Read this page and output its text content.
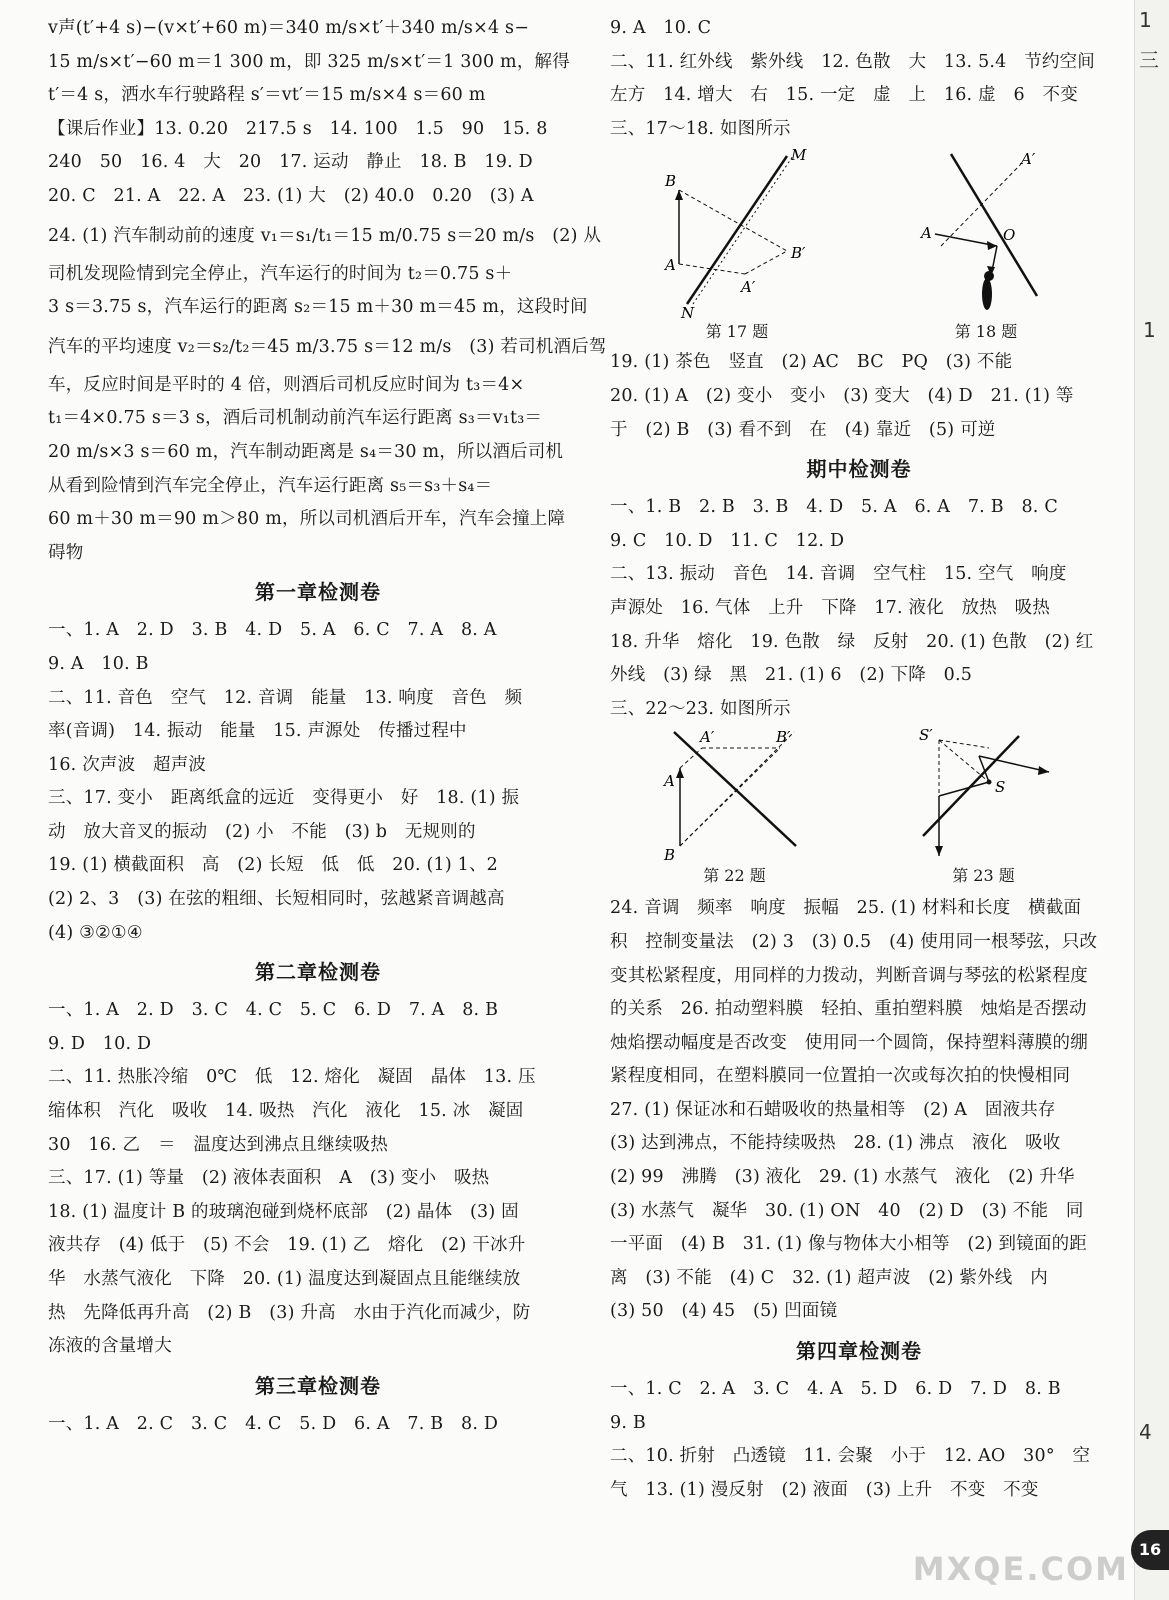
v声(t′+4 s)−(v×t′+60 m)＝340 m/s×t′＋340 m/s×4 s−
15 m/s×t′−60 m＝1 300 m，即 325 m/s×t′＝1 300 m，解得
t′＝4 s，洒水车行驶路程 s′＝vt′＝15 m/s×4 s＝60 m
【课后作业】13. 0.20　217.5 s　14. 100　1.5　90　15. 8
240　50　16. 4　大　20　17. 运动　静止　18. B　19. D
20. C　21. A　22. A　23. (1) 大　(2) 40.0　0.20　(3) A
24. (1) 汽车制动前的速度 v₁＝s₁/t₁＝15 m/0.75 s＝20 m/s　(2) 从
司机发现险情到完全停止，汽车运行的时间为 t₂＝0.75 s＋
3 s＝3.75 s，汽车运行的距离 s₂＝15 m＋30 m＝45 m，这段时间
汽车的平均速度 v₂＝s₂/t₂＝45 m/3.75 s＝12 m/s　(3) 若司机酒后驾
车，反应时间是平时的 4 倍，则酒后司机反应时间为 t₃＝4×
t₁＝4×0.75 s＝3 s，酒后司机制动前汽车运行距离 s₃＝v₁t₃＝
20 m/s×3 s＝60 m，汽车制动距离是 s₄＝30 m，所以酒后司机
从看到险情到汽车完全停止，汽车运行距离 s₅＝s₃＋s₄＝
60 m＋30 m＝90 m＞80 m，所以司机酒后开车，汽车会撞上障
碍物
第一章检测卷
一、1. A　2. D　3. B　4. D　5. A　6. C　7. A　8. A
9. A　10. B
二、11. 音色　空气　12. 音调　能量　13. 响度　音色　频
率(音调)　14. 振动　能量　15. 声源处　传播过程中
16. 次声波　超声波
三、17. 变小　距离纸盒的远近　变得更小　好　18. (1) 振
动　放大音叉的振动　(2) 小　不能　(3) b　无规则的
19. (1) 横截面积　高　(2) 长短　低　低　20. (1) 1、2
(2) 2、3　(3) 在弦的粗细、长短相同时，弦越紧音调越高
(4) ③②①④
第二章检测卷
一、1. A　2. D　3. C　4. C　5. C　6. D　7. A　8. B
9. D　10. D
二、11. 热胀冷缩　0℃　低　12. 熔化　凝固　晶体　13. 压
缩体积　汽化　吸收　14. 吸热　汽化　液化　15. 冰　凝固
30　16. 乙　＝　温度达到沸点且继续吸热
三、17. (1) 等量　(2) 液体表面积　A　(3) 变小　吸热
18. (1) 温度计 B 的玻璃泡碰到烧杯底部　(2) 晶体　(3) 固
液共存　(4) 低于　(5) 不会　19. (1) 乙　熔化　(2) 干冰升
华　水蒸气液化　下降　20. (1) 温度达到凝固点且能继续放
热　先降低再升高　(2) B　(3) 升高　水由于汽化而减少，防
冻液的含量增大
第三章检测卷
一、1. A　2. C　3. C　4. C　5. D　6. A　7. B　8. D
9. A　10. C
二、11. 红外线　紫外线　12. 色散　大　13. 5.4　节约空间
左方　14. 增大　右　15. 一定　虚　上　16. 虚　6　不变
三、17～18. 如图所示
B
M
A
B′
A′
N
第 17 题
A′
A	O
第 18 题
19. (1) 茶色　竖直　(2) AC　BC　PQ　(3) 不能
20. (1) A　(2) 变小　变小　(3) 变大　(4) D　21. (1) 等
于　(2) B　(3) 看不到　在　(4) 靠近　(5) 可逆
期中检测卷
一、1. B　2. B　3. B　4. D　5. A　6. A　7. B　8. C
9. C　10. D　11. C　12. D
二、13. 振动　音色　14. 音调　空气柱　15. 空气　响度
声源处　16. 气体　上升　下降　17. 液化　放热　吸热
18. 升华　熔化　19. 色散　绿　反射　20. (1) 色散　(2) 红
外线　(3) 绿　黑　21. (1) 6　(2) 下降　0.5
三、22～23. 如图所示
A′	B′
A
B
第 22 题
S′
S
第 23 题
24. 音调　频率　响度　振幅　25. (1) 材料和长度　横截面
积　控制变量法　(2) 3　(3) 0.5　(4) 使用同一根琴弦，只改
变其松紧程度，用同样的力拨动，判断音调与琴弦的松紧程度
的关系　26. 拍动塑料膜　轻拍、重拍塑料膜　烛焰是否摆动
烛焰摆动幅度是否改变　使用同一个圆筒，保持塑料薄膜的绷
紧程度相同，在塑料膜同一位置拍一次或每次拍的快慢相同
27. (1) 保证冰和石蜡吸收的热量相等　(2) A　固液共存
(3) 达到沸点，不能持续吸热　28. (1) 沸点　液化　吸收
(2) 99　沸腾　(3) 液化　29. (1) 水蒸气　液化　(2) 升华
(3) 水蒸气　凝华　30. (1) ON　40　(2) D　(3) 不能　同
一平面　(4) B　31. (1) 像与物体大小相等　(2) 到镜面的距
离　(3) 不能　(4) C　32. (1) 超声波　(2) 紫外线　内
(3) 50　(4) 45　(5) 凹面镜
第四章检测卷
一、1. C　2. A　3. C　4. A　5. D　6. D　7. D　8. B
9. B
二、10. 折射　凸透镜　11. 会聚　小于　12. AO　30°　空
气　13. (1) 漫反射　(2) 液面　(3) 上升　不变　不变
1
三
1
4
MXQE.COM
16
